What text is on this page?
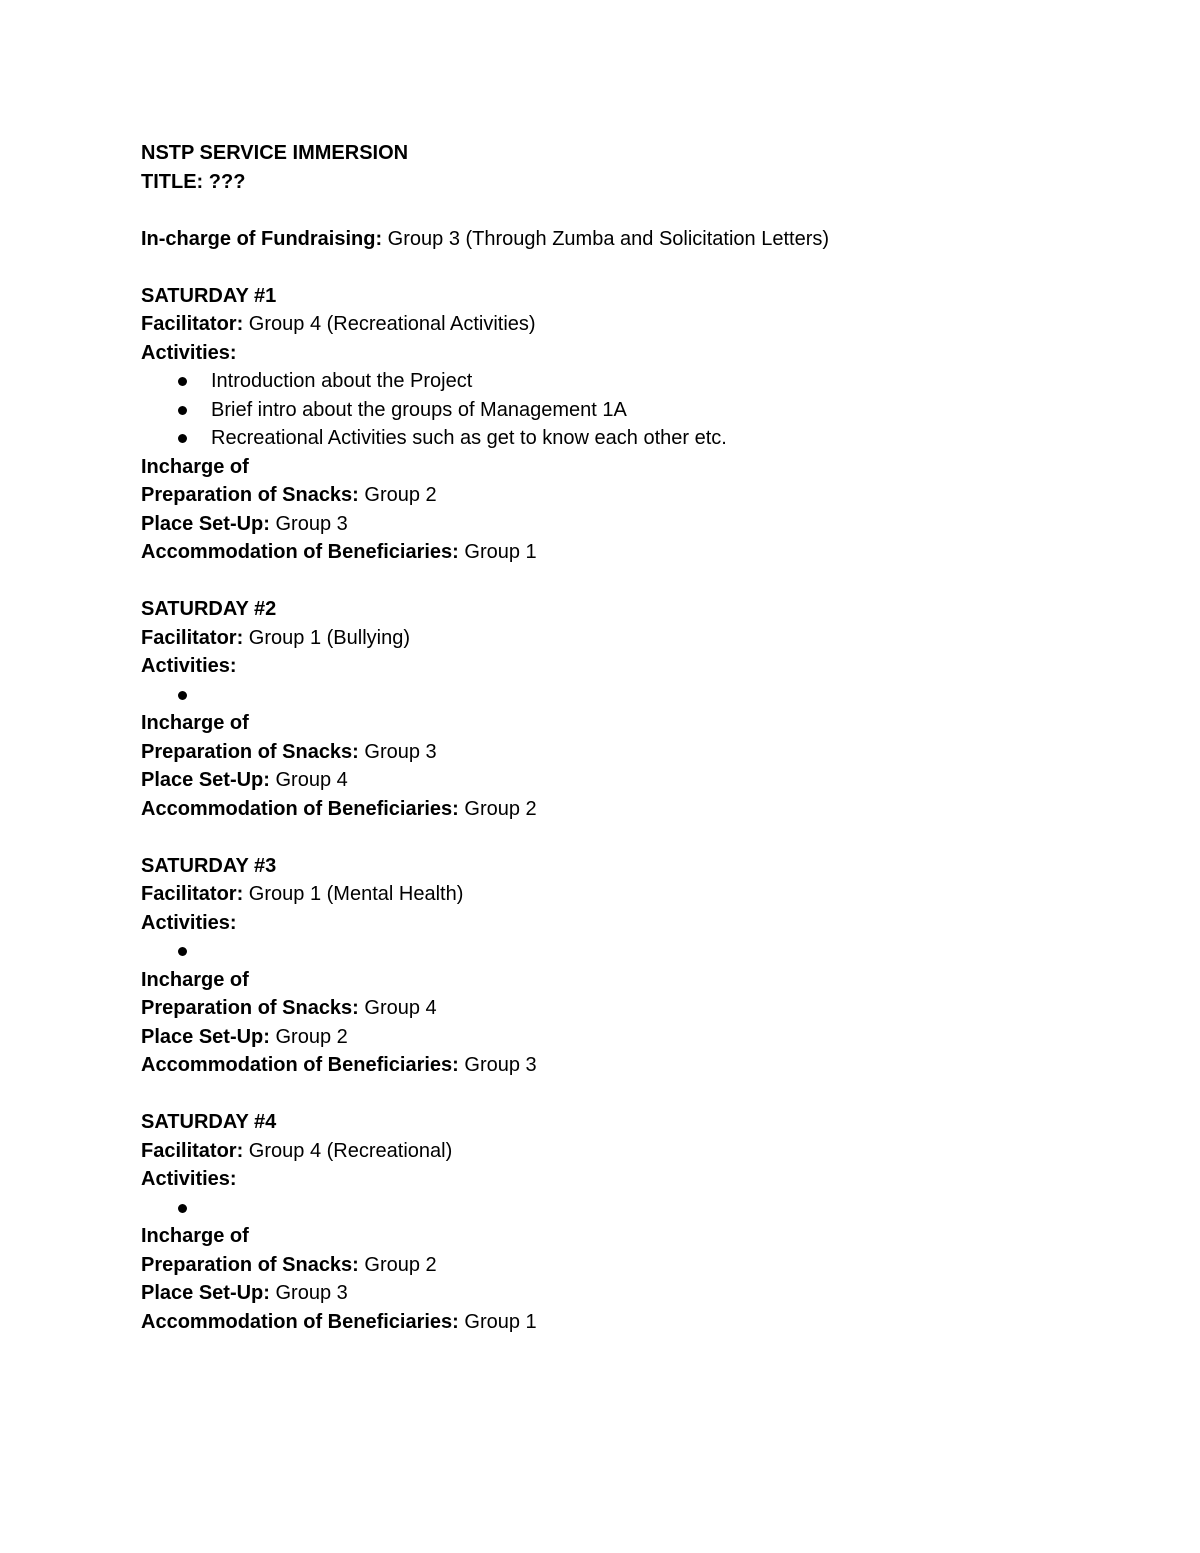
NSTP SERVICE IMMERSION
TITLE: ???
In-charge of Fundraising: Group 3 (Through Zumba and Solicitation Letters)
SATURDAY #1
Facilitator: Group 4 (Recreational Activities)
Activities:
Introduction about the Project
Brief intro about the groups of Management 1A
Recreational Activities such as get to know each other etc.
Incharge of
Preparation of Snacks: Group 2
Place Set-Up: Group 3
Accommodation of Beneficiaries: Group 1
SATURDAY #2
Facilitator: Group 1 (Bullying)
Activities:
Incharge of
Preparation of Snacks: Group 3
Place Set-Up: Group 4
Accommodation of Beneficiaries: Group 2
SATURDAY #3
Facilitator: Group 1 (Mental Health)
Activities:
Incharge of
Preparation of Snacks: Group 4
Place Set-Up: Group 2
Accommodation of Beneficiaries: Group 3
SATURDAY #4
Facilitator: Group 4 (Recreational)
Activities:
Incharge of
Preparation of Snacks: Group 2
Place Set-Up: Group 3
Accommodation of Beneficiaries: Group 1
